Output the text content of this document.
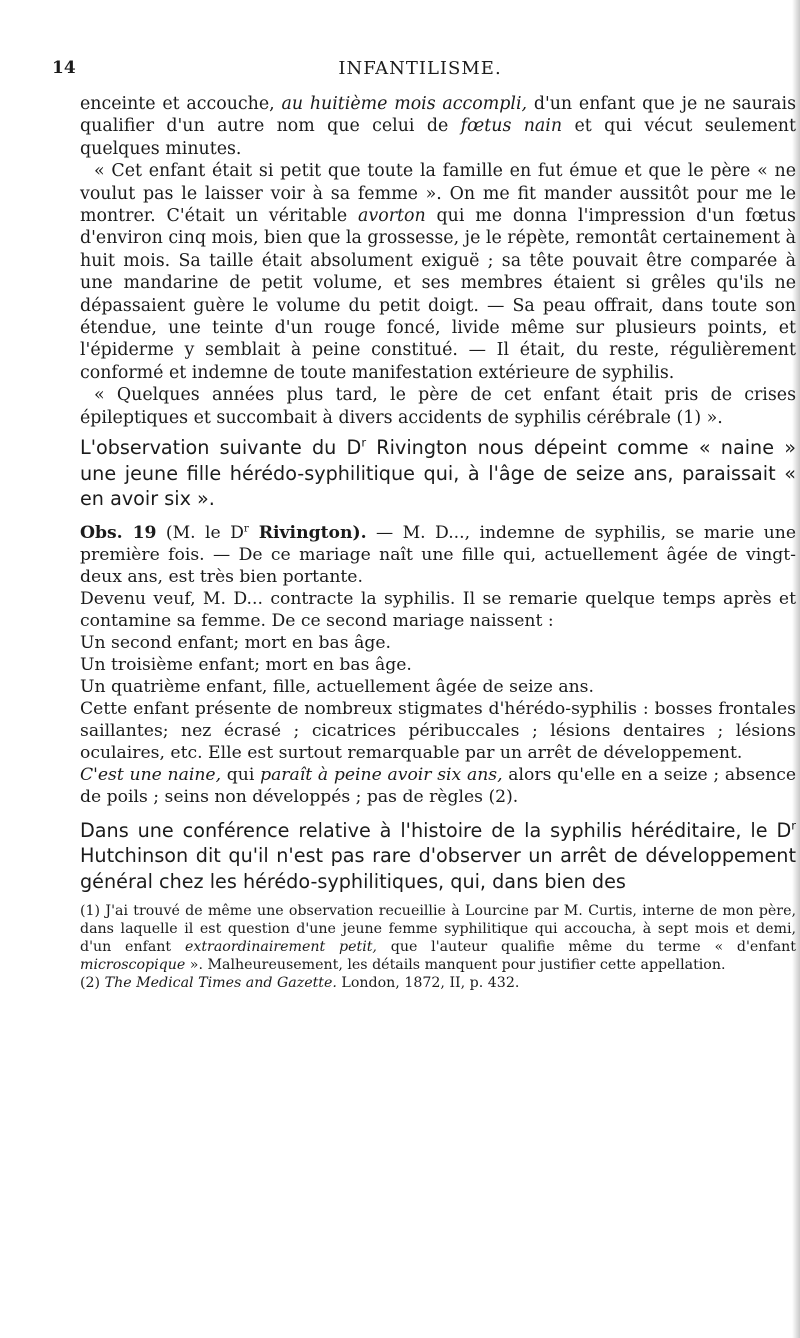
14	INFANTILISME.

enceinte et accouche, au huitième mois accompli, d'un enfant que je ne saurais qualifier d'un autre nom que celui de fœtus nain et qui vécut seulement quelques minutes.

« Cet enfant était si petit que toute la famille en fut émue et que le père « ne voulut pas le laisser voir à sa femme ». On me fit mander aussitôt pour me le montrer. C'était un véritable avorton qui me donna l'impression d'un fœtus d'environ cinq mois, bien que la grossesse, je le répète, remontât certainement à huit mois. Sa taille était absolument exiguë ; sa tête pouvait être comparée à une mandarine de petit volume, et ses membres étaient si grêles qu'ils ne dépassaient guère le volume du petit doigt. — Sa peau offrait, dans toute son étendue, une teinte d'un rouge foncé, livide même sur plusieurs points, et l'épiderme y semblait à peine constitué. — Il était, du reste, régulièrement conformé et indemne de toute manifestation extérieure de syphilis.

« Quelques années plus tard, le père de cet enfant était pris de crises épileptiques et succombait à divers accidents de syphilis cérébrale (1) ».

L'observation suivante du $D^r$ Rivington nous dépeint comme « naine » une jeune fille hérédo-syphilitique qui, à l'âge de seize ans, paraissait « en avoir six ».

Obs. 19 (M. le $D^r$ Rivington). — M. D..., indemne de syphilis, se marie une première fois. — De ce mariage naît une fille qui, actuellement âgée de vingt-deux ans, est très bien portante.

Devenu veuf, M. D... contracte la syphilis. Il se remarie quelque temps après et contamine sa femme. De ce second mariage naissent :

Un second enfant; mort en bas âge.

Un troisième enfant; mort en bas âge.

Un quatrième enfant, fille, actuellement âgée de seize ans.

Cette enfant présente de nombreux stigmates d'hérédo-syphilis : bosses frontales saillantes; nez écrasé ; cicatrices péribuccales ; lésions dentaires ; lésions oculaires, etc. Elle est surtout remarquable par un arrêt de développement.

C'est une naine, qui paraît à peine avoir six ans, alors qu'elle en a seize ; absence de poils ; seins non développés ; pas de règles (2).

Dans une conférence relative à l'histoire de la syphilis héréditaire, le $D^r$ Hutchinson dit qu'il n'est pas rare d'observer un arrêt de développement général chez les hérédo-syphilitiques, qui, dans bien des

(1) J'ai trouvé de même une observation recueillie à Lourcine par M. Curtis, interne de mon père, dans laquelle il est question d'une jeune femme syphilitique qui accoucha, à sept mois et demi, d'un enfant extraordinairement petit, que l'auteur qualifie même du terme « d'enfant microscopique ». Malheureusement, les détails manquent pour justifier cette appellation.

(2) The Medical Times and Gazette. London, 1872, II, p. 432.
